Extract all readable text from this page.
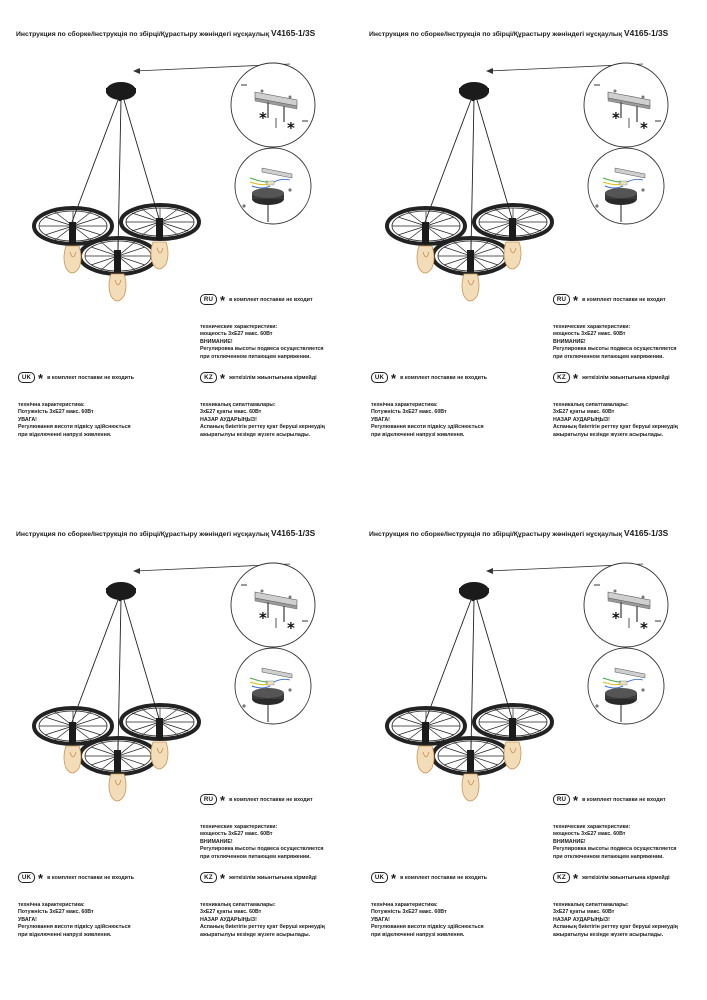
Инструкция по сборке/Інструкція по збірці/Құрастыру жөніндегі нұсқаулық V4165-1/3S
*
*
RU * в комплект поставки не входит
технические характеристики:
мощность 3хЕ27 макс. 60Вт
ВНИМАНИЕ!
Регулировка высоты подвеса осуществляется
при отключенном питающем напряжении.
UK * в комплект поставки не входить	KZ * жеткізілім жиынтығына кірмейді
технічна характеристика:
Потужність 3хЕ27 макс. 60Вт
УВАГА!
Регулювання висоти підвісу здійснюється
при відключенні напрузі живлення.
техникалық сипаттамалары:
3хЕ27 қуаты макс. 60Вт
НАЗАР АУДАРЫҢЫЗ!
Аспаның биіктігін реттеу қуат беруші кернеудің
ажыратылуы кезінде жүзеге асырылады.
Инструкция по сборке/Інструкція по збірці/Құрастыру жөніндегі нұсқаулық V4165-1/3S
*
*
RU * в комплект поставки не входит
технические характеристики:
мощность 3хЕ27 макс. 60Вт
ВНИМАНИЕ!
Регулировка высоты подвеса осуществляется
при отключенном питающем напряжении.
UK * в комплект поставки не входить	KZ * жеткізілім жиынтығына кірмейді
технічна характеристика:
Потужність 3хЕ27 макс. 60Вт
УВАГА!
Регулювання висоти підвісу здійснюється
при відключенні напрузі живлення.
техникалық сипаттамалары:
3хЕ27 қуаты макс. 60Вт
НАЗАР АУДАРЫҢЫЗ!
Аспаның биіктігін реттеу қуат беруші кернеудің
ажыратылуы кезінде жүзеге асырылады.
Инструкция по сборке/Інструкція по збірці/Құрастыру жөніндегі нұсқаулық V4165-1/3S
*
*
RU * в комплект поставки не входит
технические характеристики:
мощность 3хЕ27 макс. 60Вт
ВНИМАНИЕ!
Регулировка высоты подвеса осуществляется
при отключенном питающем напряжении.
UK * в комплект поставки не входить	KZ * жеткізілім жиынтығына кірмейді
технічна характеристика:
Потужність 3хЕ27 макс. 60Вт
УВАГА!
Регулювання висоти підвісу здійснюється
при відключенні напрузі живлення.
техникалық сипаттамалары:
3хЕ27 қуаты макс. 60Вт
НАЗАР АУДАРЫҢЫЗ!
Аспаның биіктігін реттеу қуат беруші кернеудің
ажыратылуы кезінде жүзеге асырылады.
Инструкция по сборке/Інструкція по збірці/Құрастыру жөніндегі нұсқаулық V4165-1/3S
*
*
RU * в комплект поставки не входит
технические характеристики:
мощность 3хЕ27 макс. 60Вт
ВНИМАНИЕ!
Регулировка высоты подвеса осуществляется
при отключенном питающем напряжении.
UK * в комплект поставки не входить	KZ * жеткізілім жиынтығына кірмейді
технічна характеристика:
Потужність 3хЕ27 макс. 60Вт
УВАГА!
Регулювання висоти підвісу здійснюється
при відключенні напрузі живлення.
техникалық сипаттамалары:
3хЕ27 қуаты макс. 60Вт
НАЗАР АУДАРЫҢЫЗ!
Аспаның биіктігін реттеу қуат беруші кернеудің
ажыратылуы кезінде жүзеге асырылады.
